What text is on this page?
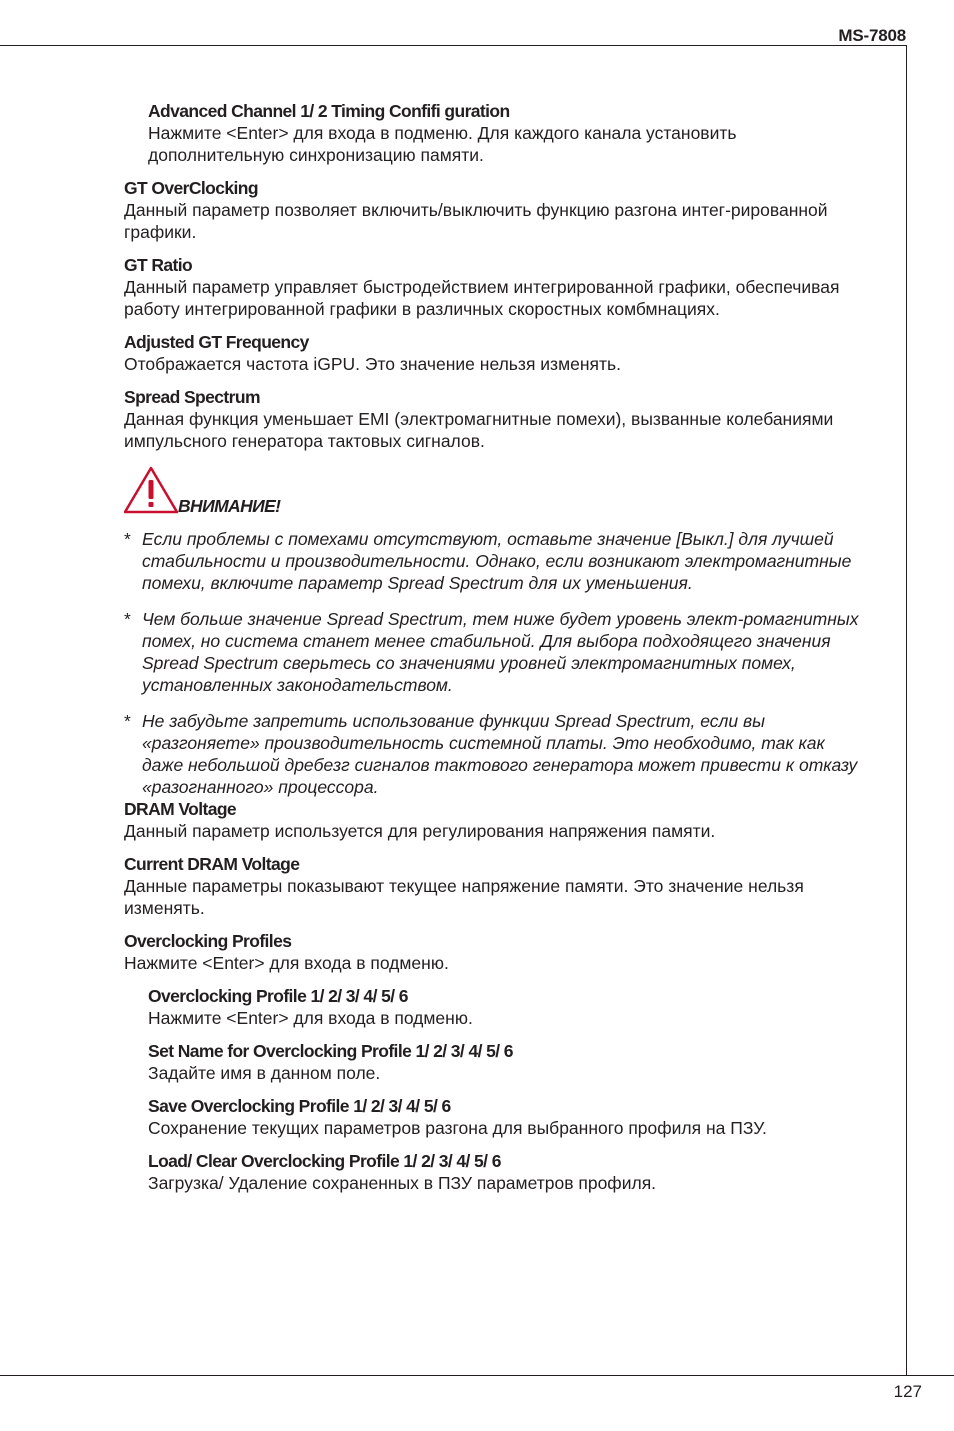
MS-7808
Advanced Channel 1/ 2 Timing Confifi guration
Нажмите <Enter> для входа в подменю. Для каждого канала установить дополнительную синхронизацию памяти.
GT OverClocking
Данный параметр позволяет включить/выключить функцию разгона интег-рированной графики.
GT Ratio
Данный параметр управляет быстродействием интегрированной графики, обеспечивая работу интегрированной графики в различных скоростных комбмнациях.
Adjusted GT Frequency
Отображается частота iGPU. Это значение нельзя изменять.
Spread Spectrum
Данная функция уменьшает EMI (электромагнитные помехи), вызванные колебаниями импульсного генератора тактовых сигналов.
ВНИМАНИЕ!
* Если проблемы с помехами отсутствуют, оставьте значение [Выкл.] для лучшей стабильности и производительности. Однако, если возникают электромагнитные помехи, включите параметр Spread Spectrum для их уменьшения.
* Чем больше значение Spread Spectrum, тем ниже будет уровень элект-ромагнитных помех, но система станет менее стабильной. Для выбора подходящего значения Spread Spectrum сверьтесь со значениями уровней электромагнитных помех, установленных законодательством.
* Не забудьте запретить использование функции Spread Spectrum, если вы «разгоняете» производительность системной платы. Это необходимо, так как даже небольшой дребезг сигналов тактового генератора может привести к отказу «разогнанного» процессора.
DRAM Voltage
Данный параметр используется для регулирования напряжения памяти.
Current DRAM Voltage
Данные параметры показывают текущее напряжение памяти. Это значение нельзя изменять.
Overclocking Profiles
Нажмите <Enter> для входа в подменю.
Overclocking Profile 1/ 2/ 3/ 4/ 5/ 6
Нажмите <Enter> для входа в подменю.
Set Name for Overclocking Profile 1/ 2/ 3/ 4/ 5/ 6
Задайте имя в данном поле.
Save Overclocking Profile 1/ 2/ 3/ 4/ 5/ 6
Сохранение текущих параметров разгона для выбранного профиля на ПЗУ.
Load/ Clear Overclocking Profile 1/ 2/ 3/ 4/ 5/ 6
Загрузка/ Удаление сохраненных в ПЗУ параметров профиля.
127
